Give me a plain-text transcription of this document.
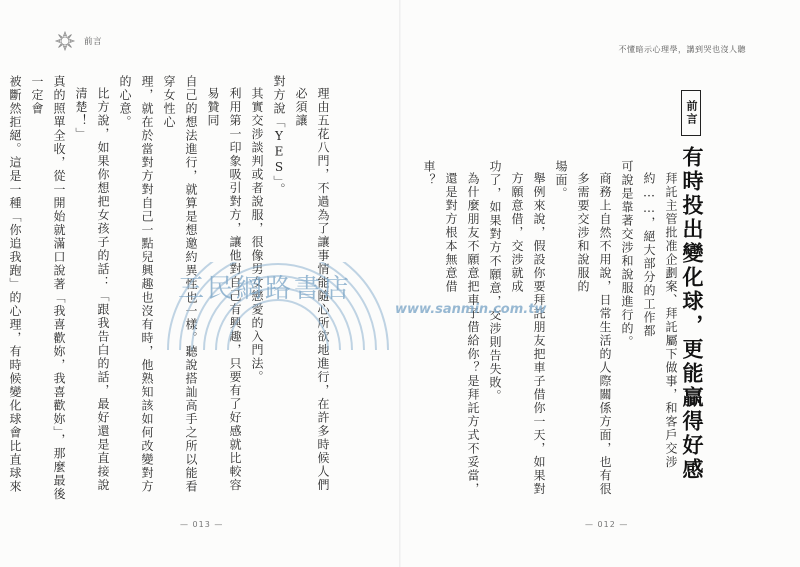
前言
理由五花八門，不過為了讓事情能隨心所欲地進行，在許多時候人們必須讓
對方說「YES」。
其實交涉談判或者說服，很像男女戀愛的入門法。
利用第一印象吸引對方，讓他對自己有興趣，只要有了好感就比較容易贊同
自己的想法進行，就算是想邀約異性也一樣。聽說搭訕高手之所以能看穿女性心
理，就在於當對方對自己一點兒興趣也沒有時，他熟知該如何改變對方的心意。
比方說，如果你想把女孩子的話：「跟我告白的話，最好還是直接說清楚！」
真的照單全收，從一開始就滿口說著「我喜歡妳，我喜歡妳」，那麼最後一定會
被斷然拒絕。這是一種「你追我跑」的心理，有時候變化球會比直球來
— 013 —
不懂暗示心理學，講到哭也沒人聽
前言
有時投出變化球，更能贏得好感
拜託主管批准企劃案、拜託屬下做事，和客戶交涉約……，絕大部分的工作都
可說是靠著交涉和說服進行的。
商務上自然不用說，日常生活的人際關係方面，也有很多需要交涉和說服的
場面。
舉例來說，假設你要拜託朋友把車子借你一天，如果對方願意借，交涉就成
功了，如果對方不願意，交涉則告失敗。
為什麼朋友不願意把車子借給你？是拜託方式不妥當，還是對方根本無意借
車？
— 012 —
三民網路書店
www.sanmin.com.tw
